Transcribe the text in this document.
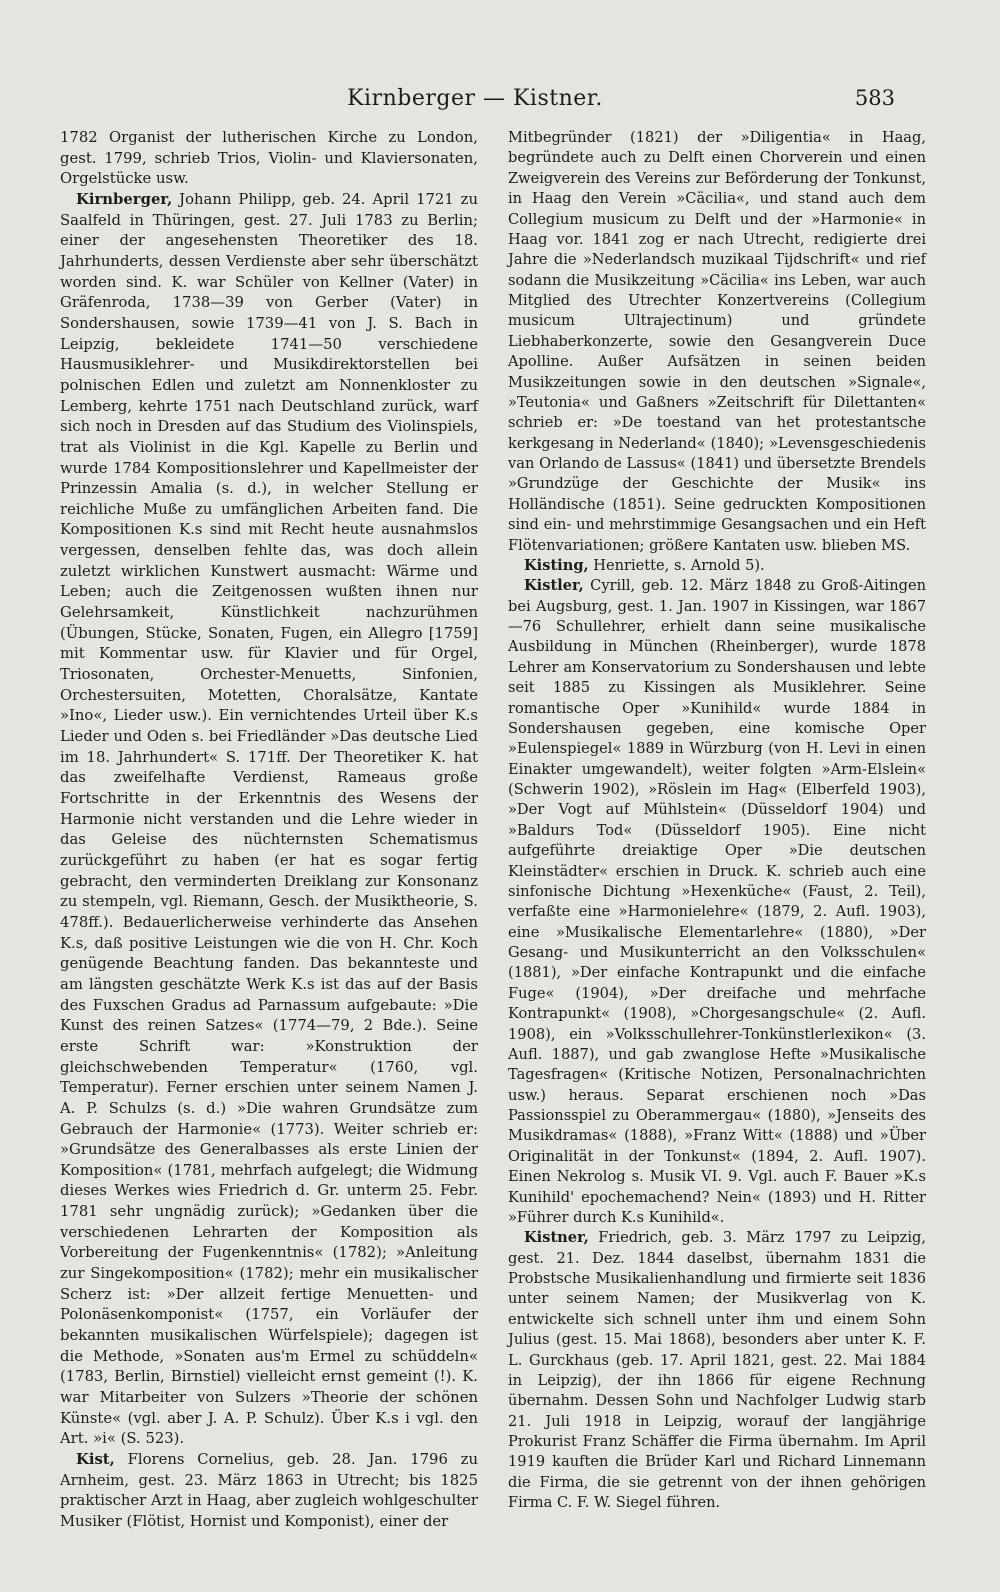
Kirnberger — Kistner.	583

1782 Organist der lutherischen Kirche zu London, gest. 1799, schrieb Trios, Violin- und Klaviersonaten, Orgelstücke usw.

Kirnberger, Johann Philipp, geb. 24. April 1721 zu Saalfeld in Thüringen, gest. 27. Juli 1783 zu Berlin; einer der angesehensten Theoretiker des 18. Jahrhunderts, dessen Verdienste aber sehr überschätzt worden sind. K. war Schüler von Kellner (Vater) in Gräfenroda, 1738—39 von Gerber (Vater) in Sondershausen, sowie 1739—41 von J. S. Bach in Leipzig, bekleidete 1741—50 verschiedene Hausmusiklehrer- und Musikdirektorstellen bei polnischen Edlen und zuletzt am Nonnenkloster zu Lemberg, kehrte 1751 nach Deutschland zurück, warf sich noch in Dresden auf das Studium des Violinspiels, trat als Violinist in die Kgl. Kapelle zu Berlin und wurde 1784 Kompositionslehrer und Kapellmeister der Prinzessin Amalia (s. d.), in welcher Stellung er reichliche Muße zu umfänglichen Arbeiten fand. Die Kompositionen K.s sind mit Recht heute ausnahmslos vergessen, denselben fehlte das, was doch allein zuletzt wirklichen Kunstwert ausmacht: Wärme und Leben; auch die Zeitgenossen wußten ihnen nur Gelehrsamkeit, Künstlichkeit nachzurühmen (Übungen, Stücke, Sonaten, Fugen, ein Allegro [1759] mit Kommentar usw. für Klavier und für Orgel, Triosonaten, Orchester-Menuetts, Sinfonien, Orchestersuiten, Motetten, Choralsätze, Kantate »Ino«, Lieder usw.). Ein vernichtendes Urteil über K.s Lieder und Oden s. bei Friedländer »Das deutsche Lied im 18. Jahrhundert« S. 171ff. Der Theoretiker K. hat das zweifelhafte Verdienst, Rameaus große Fortschritte in der Erkenntnis des Wesens der Harmonie nicht verstanden und die Lehre wieder in das Geleise des nüchternsten Schematismus zurückgeführt zu haben (er hat es sogar fertig gebracht, den verminderten Dreiklang zur Konsonanz zu stempeln, vgl. Riemann, Gesch. der Musiktheorie, S. 478ff.). Bedauerlicherweise verhinderte das Ansehen K.s, daß positive Leistungen wie die von H. Chr. Koch genügende Beachtung fanden. Das bekannteste und am längsten geschätzte Werk K.s ist das auf der Basis des Fuxschen Gradus ad Parnassum aufgebaute: »Die Kunst des reinen Satzes« (1774—79, 2 Bde.). Seine erste Schrift war: »Konstruktion der gleichschwebenden Temperatur« (1760, vgl. Temperatur). Ferner erschien unter seinem Namen J. A. P. Schulzs (s. d.) »Die wahren Grundsätze zum Gebrauch der Harmonie« (1773). Weiter schrieb er: »Grundsätze des Generalbasses als erste Linien der Komposition« (1781, mehrfach aufgelegt; die Widmung dieses Werkes wies Friedrich d. Gr. unterm 25. Febr. 1781 sehr ungnädig zurück); »Gedanken über die verschiedenen Lehrarten der Komposition als Vorbereitung der Fugenkenntnis« (1782); »Anleitung zur Singekomposition« (1782); mehr ein musikalischer Scherz ist: »Der allzeit fertige Menuetten- und Polonäsenkomponist« (1757, ein Vorläufer der bekannten musikalischen Würfelspiele); dagegen ist die Methode, »Sonaten aus'm Ermel zu schüddeln« (1783, Berlin, Birnstiel) vielleicht ernst gemeint (!). K. war Mitarbeiter von Sulzers »Theorie der schönen Künste« (vgl. aber J. A. P. Schulz). Über K.s i vgl. den Art. »i« (S. 523).

Kist, Florens Cornelius, geb. 28. Jan. 1796 zu Arnheim, gest. 23. März 1863 in Utrecht; bis 1825 praktischer Arzt in Haag, aber zugleich wohlgeschulter Musiker (Flötist, Hornist und Komponist), einer der

Mitbegründer (1821) der »Diligentia« in Haag, begründete auch zu Delft einen Chorverein und einen Zweigverein des Vereins zur Beförderung der Tonkunst, in Haag den Verein »Cäcilia«, und stand auch dem Collegium musicum zu Delft und der »Harmonie« in Haag vor. 1841 zog er nach Utrecht, redigierte drei Jahre die »Nederlandsch muzikaal Tijdschrift« und rief sodann die Musikzeitung »Cäcilia« ins Leben, war auch Mitglied des Utrechter Konzertvereins (Collegium musicum Ultrajectinum) und gründete Liebhaberkonzerte, sowie den Gesangverein Duce Apolline. Außer Aufsätzen in seinen beiden Musikzeitungen sowie in den deutschen »Signale«, »Teutonia« und Gaßners »Zeitschrift für Dilettanten« schrieb er: »De toestand van het protestantsche kerkgesang in Nederland« (1840); »Levensgeschiedenis van Orlando de Lassus« (1841) und übersetzte Brendels »Grundzüge der Geschichte der Musik« ins Holländische (1851). Seine gedruckten Kompositionen sind ein- und mehrstimmige Gesangsachen und ein Heft Flötenvariationen; größere Kantaten usw. blieben MS.

Kisting, Henriette, s. Arnold 5).

Kistler, Cyrill, geb. 12. März 1848 zu Groß-Aitingen bei Augsburg, gest. 1. Jan. 1907 in Kissingen, war 1867—76 Schullehrer, erhielt dann seine musikalische Ausbildung in München (Rheinberger), wurde 1878 Lehrer am Konservatorium zu Sondershausen und lebte seit 1885 zu Kissingen als Musiklehrer. Seine romantische Oper »Kunihild« wurde 1884 in Sondershausen gegeben, eine komische Oper »Eulenspiegel« 1889 in Würzburg (von H. Levi in einen Einakter umgewandelt), weiter folgten »Arm-Elslein« (Schwerin 1902), »Röslein im Hag« (Elberfeld 1903), »Der Vogt auf Mühlstein« (Düsseldorf 1904) und »Baldurs Tod« (Düsseldorf 1905). Eine nicht aufgeführte dreiaktige Oper »Die deutschen Kleinstädter« erschien in Druck. K. schrieb auch eine sinfonische Dichtung »Hexenküche« (Faust, 2. Teil), verfaßte eine »Harmonielehre« (1879, 2. Aufl. 1903), eine »Musikalische Elementarlehre« (1880), »Der Gesang- und Musikunterricht an den Volksschulen« (1881), »Der einfache Kontrapunkt und die einfache Fuge« (1904), »Der dreifache und mehrfache Kontrapunkt« (1908), »Chorgesangschule« (2. Aufl. 1908), ein »Volksschullehrer-Tonkünstlerlexikon« (3. Aufl. 1887), und gab zwanglose Hefte »Musikalische Tagesfragen« (Kritische Notizen, Personalnachrichten usw.) heraus. Separat erschienen noch »Das Passionsspiel zu Oberammergau« (1880), »Jenseits des Musikdramas« (1888), »Franz Witt« (1888) und »Über Originalität in der Tonkunst« (1894, 2. Aufl. 1907). Einen Nekrolog s. Musik VI. 9. Vgl. auch F. Bauer »K.s Kunihild' epochemachend? Nein« (1893) und H. Ritter »Führer durch K.s Kunihild«.

Kistner, Friedrich, geb. 3. März 1797 zu Leipzig, gest. 21. Dez. 1844 daselbst, übernahm 1831 die Probstsche Musikalienhandlung und firmierte seit 1836 unter seinem Namen; der Musikverlag von K. entwickelte sich schnell unter ihm und einem Sohn Julius (gest. 15. Mai 1868), besonders aber unter K. F. L. Gurckhaus (geb. 17. April 1821, gest. 22. Mai 1884 in Leipzig), der ihn 1866 für eigene Rechnung übernahm. Dessen Sohn und Nachfolger Ludwig starb 21. Juli 1918 in Leipzig, worauf der langjährige Prokurist Franz Schäffer die Firma übernahm. Im April 1919 kauften die Brüder Karl und Richard Linnemann die Firma, die sie getrennt von der ihnen gehörigen Firma C. F. W. Siegel führen.
